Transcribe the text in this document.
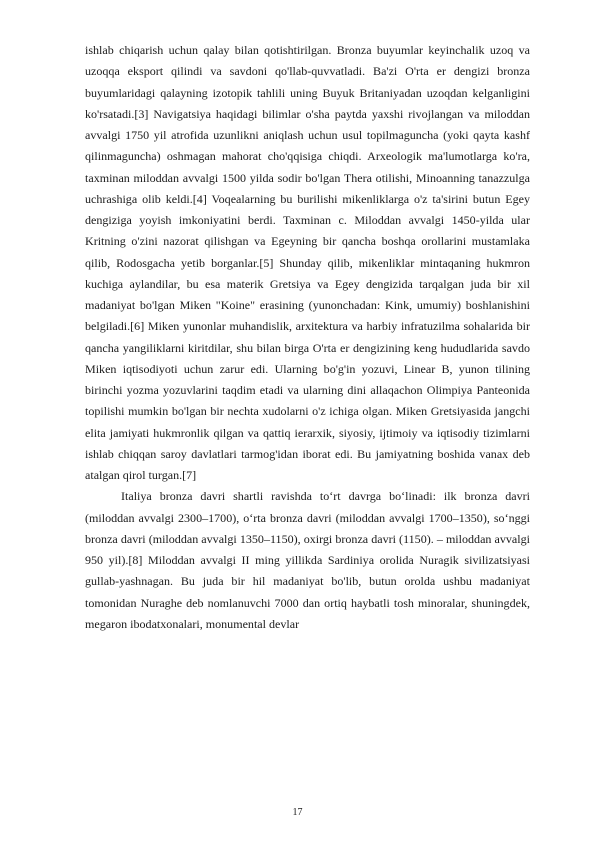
ishlab chiqarish uchun qalay bilan qotishtirilgan. Bronza buyumlar keyinchalik uzoq va uzoqqa eksport qilindi va savdoni qo'llab-quvvatladi. Ba'zi O'rta er dengizi bronza buyumlaridagi qalayning izotopik tahlili uning Buyuk Britaniyadan uzoqdan kelganligini ko'rsatadi.[3] Navigatsiya haqidagi bilimlar o'sha paytda yaxshi rivojlangan va miloddan avvalgi 1750 yil atrofida uzunlikni aniqlash uchun usul topilmaguncha (yoki qayta kashf qilinmaguncha) oshmagan mahorat cho'qqisiga chiqdi. Arxeologik ma'lumotlarga ko'ra, taxminan miloddan avvalgi 1500 yilda sodir bo'lgan Thera otilishi, Minoanning tanazzulga uchrashiga olib keldi.[4] Voqealarning bu burilishi mikenliklarga o'z ta'sirini butun Egey dengiziga yoyish imkoniyatini berdi. Taxminan c. Miloddan avvalgi 1450-yilda ular Kritning o'zini nazorat qilishgan va Egeyning bir qancha boshqa orollarini mustamlaka qilib, Rodosgacha yetib borganlar.[5] Shunday qilib, mikenliklar mintaqaning hukmron kuchiga aylandilar, bu esa materik Gretsiya va Egey dengizida tarqalgan juda bir xil madaniyat bo'lgan Miken "Koine" erasining (yunonchadan: Kink, umumiy) boshlanishini belgiladi.[6] Miken yunonlar muhandislik, arxitektura va harbiy infratuzilma sohalarida bir qancha yangiliklarni kiritdilar, shu bilan birga O'rta er dengizining keng hududlarida savdo Miken iqtisodiyoti uchun zarur edi. Ularning bo'g'in yozuvi, Linear B, yunon tilining birinchi yozma yozuvlarini taqdim etadi va ularning dini allaqachon Olimpiya Panteonida topilishi mumkin bo'lgan bir nechta xudolarni o'z ichiga olgan. Miken Gretsiyasida jangchi elita jamiyati hukmronlik qilgan va qattiq ierarxik, siyosiy, ijtimoiy va iqtisodiy tizimlarni ishlab chiqqan saroy davlatlari tarmog'idan iborat edi. Bu jamiyatning boshida vanax deb atalgan qirol turgan.[7]

Italiya bronza davri shartli ravishda to‘rt davrga bo‘linadi: ilk bronza davri (miloddan avvalgi 2300–1700), o‘rta bronza davri (miloddan avvalgi 1700–1350), so‘nggi bronza davri (miloddan avvalgi 1350–1150), oxirgi bronza davri (1150). – miloddan avvalgi 950 yil).[8] Miloddan avvalgi II ming yillikda Sardiniya orolida Nuragik sivilizatsiyasi gullab-yashnagan. Bu juda bir hil madaniyat bo'lib, butun orolda ushbu madaniyat tomonidan Nuraghe deb nomlanuvchi 7000 dan ortiq haybatli tosh minoralar, shuningdek, megaron ibodatxonalari, monumental devlar

17
